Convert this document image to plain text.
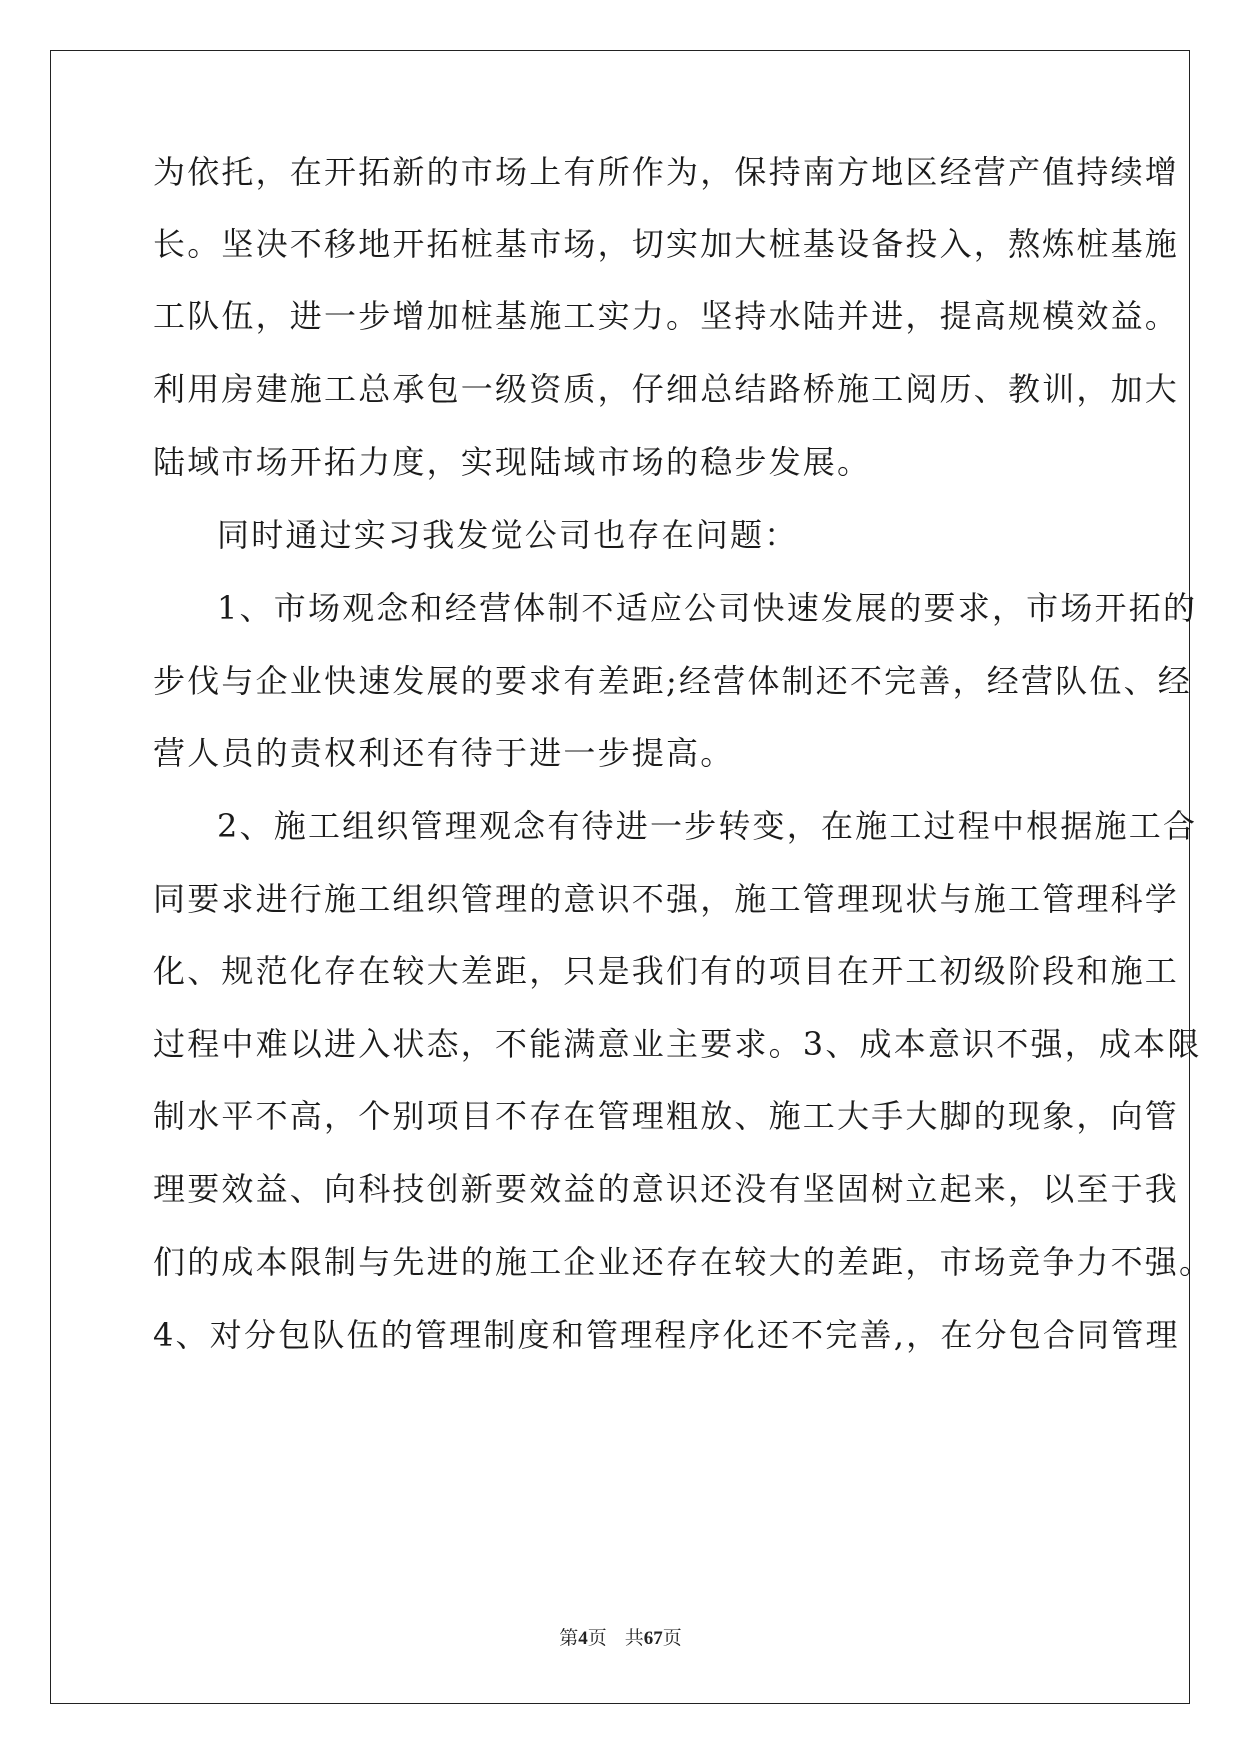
为依托，在开拓新的市场上有所作为，保持南方地区经营产值持续增
长。坚决不移地开拓桩基市场，切实加大桩基设备投入，熬炼桩基施
工队伍，进一步增加桩基施工实力。坚持水陆并进，提高规模效益。
利用房建施工总承包一级资质，仔细总结路桥施工阅历、教训，加大
陆域市场开拓力度，实现陆域市场的稳步发展。
同时通过实习我发觉公司也存在问题：
1、市场观念和经营体制不适应公司快速发展的要求，市场开拓的
步伐与企业快速发展的要求有差距;经营体制还不完善，经营队伍、经
营人员的责权利还有待于进一步提高。
2、施工组织管理观念有待进一步转变，在施工过程中根据施工合
同要求进行施工组织管理的意识不强，施工管理现状与施工管理科学
化、规范化存在较大差距，只是我们有的项目在开工初级阶段和施工
过程中难以进入状态，不能满意业主要求。3、成本意识不强，成本限
制水平不高，个别项目不存在管理粗放、施工大手大脚的现象，向管
理要效益、向科技创新要效益的意识还没有坚固树立起来，以至于我
们的成本限制与先进的施工企业还存在较大的差距，市场竞争力不强。
4、对分包队伍的管理制度和管理程序化还不完善,，在分包合同管理
第4页 共67页
